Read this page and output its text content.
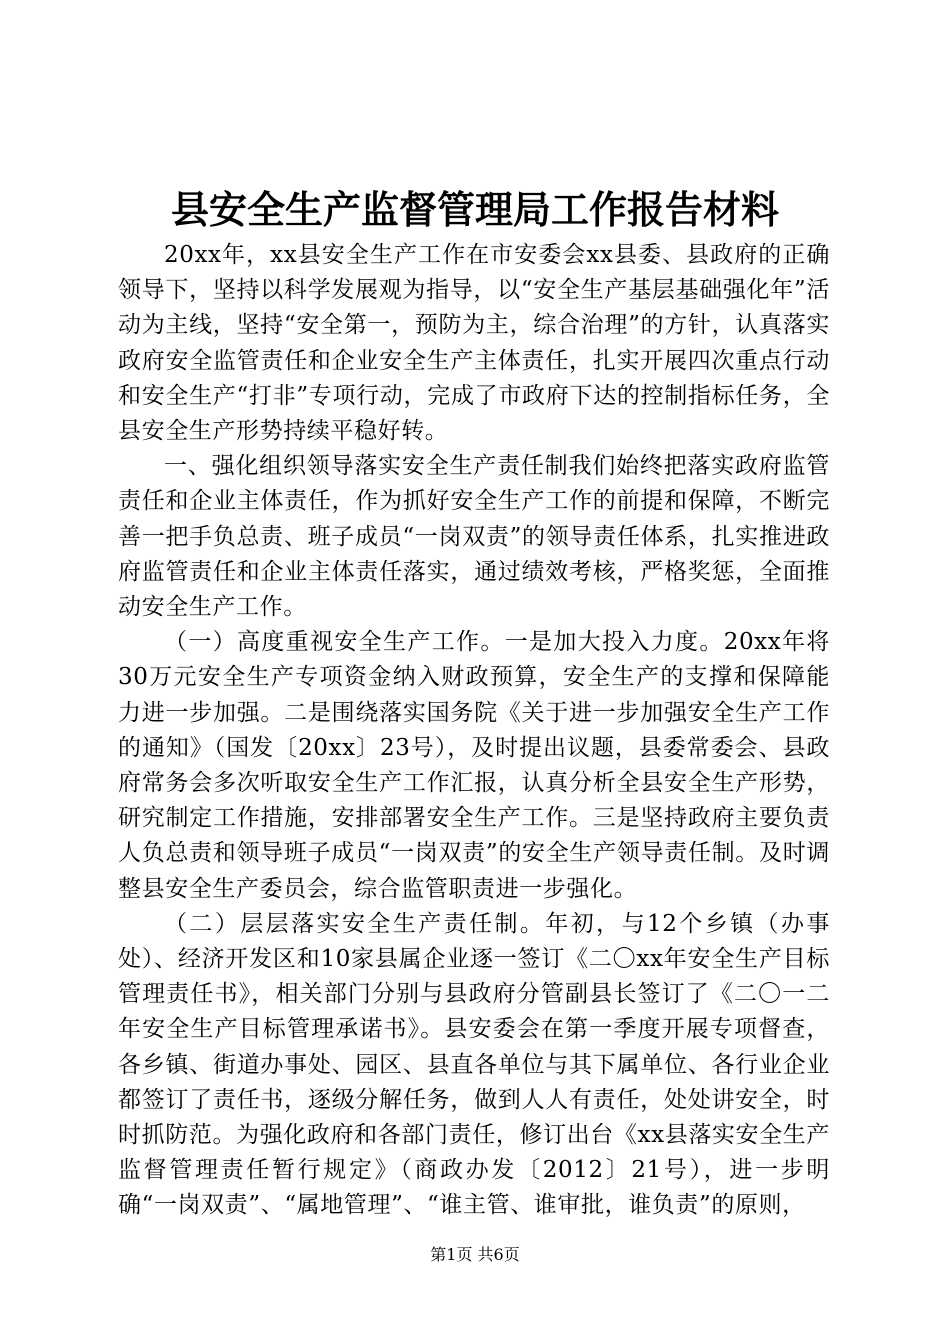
县安全生产监督管理局工作报告材料

20xx年，xx县安全生产工作在市安委会xx县委、县政府的正确领导下，坚持以科学发展观为指导，以“安全生产基层基础强化年”活动为主线，坚持“安全第一，预防为主，综合治理”的方针，认真落实政府安全监管责任和企业安全生产主体责任，扎实开展四次重点行动和安全生产“打非”专项行动，完成了市政府下达的控制指标任务，全县安全生产形势持续平稳好转。

一、强化组织领导落实安全生产责任制我们始终把落实政府监管责任和企业主体责任，作为抓好安全生产工作的前提和保障，不断完善一把手负总责、班子成员“一岗双责”的领导责任体系，扎实推进政府监管责任和企业主体责任落实，通过绩效考核，严格奖惩，全面推动安全生产工作。

（一）高度重视安全生产工作。一是加大投入力度。20xx年将30万元安全生产专项资金纳入财政预算，安全生产的支撑和保障能力进一步加强。二是围绕落实国务院《关于进一步加强安全生产工作的通知》（国发〔20xx〕23号），及时提出议题，县委常委会、县政府常务会多次听取安全生产工作汇报，认真分析全县安全生产形势，研究制定工作措施，安排部署安全生产工作。三是坚持政府主要负责人负总责和领导班子成员“一岗双责”的安全生产领导责任制。及时调整县安全生产委员会，综合监管职责进一步强化。

（二）层层落实安全生产责任制。年初，与12个乡镇（办事处）、经济开发区和10家县属企业逐一签订《二〇xx年安全生产目标管理责任书》，相关部门分别与县政府分管副县长签订了《二〇一二年安全生产目标管理承诺书》。县安委会在第一季度开展专项督查，各乡镇、街道办事处、园区、县直各单位与其下属单位、各行业企业都签订了责任书，逐级分解任务，做到人人有责任，处处讲安全，时时抓防范。为强化政府和各部门责任，修订出台《xx县落实安全生产监督管理责任暂行规定》（商政办发〔2012〕21号），进一步明确“一岗双责”、“属地管理”、“谁主管、谁审批，谁负责”的原则，

第1页 共6页
